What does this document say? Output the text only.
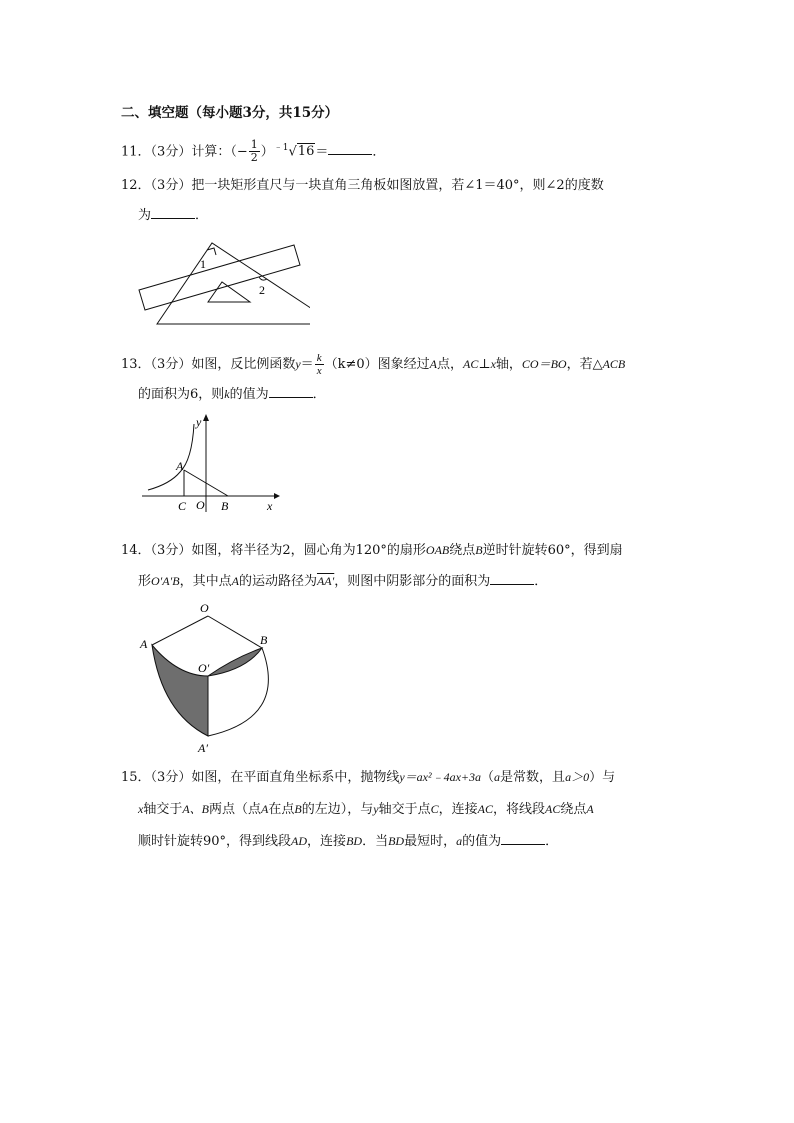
二、填空题（每小题3分，共15分）
11．（3分）计算：（− $\frac{1}{2} )^{﹣1}√16=$	．
12．（3分）把一块矩形直尺与一块直角三角板如图放置，若∠1＝40°，则∠2的度数
为	．
1
2
13．（3分）如图，反比例函数$y= \frac{k}{x} (k\ne 0)$图象经过A点，AC⊥x轴，CO＝BO，若△ACB
的面积为6，则k的值为	．
y
x
A
C O B
14．（3分）如图，将半径为2，圆心角为120°的扇形OAB绕点B逆时针旋转60°，得到扇
形O′A′B，其中点A的运动路径为AA′，则图中阴影部分的面积为	．
O
A	B
O′
A′
15．（3分）如图，在平面直角坐标系中，抛物线y＝ax²﹣4ax+3a（a是常数，且a＞0）与
x轴交于A、B两点（点A在点B的左边），与y轴交于点C，连接AC，将线段AC绕点A
顺时针旋转90°，得到线段AD，连接BD．当BD最短时，a的值为	．
